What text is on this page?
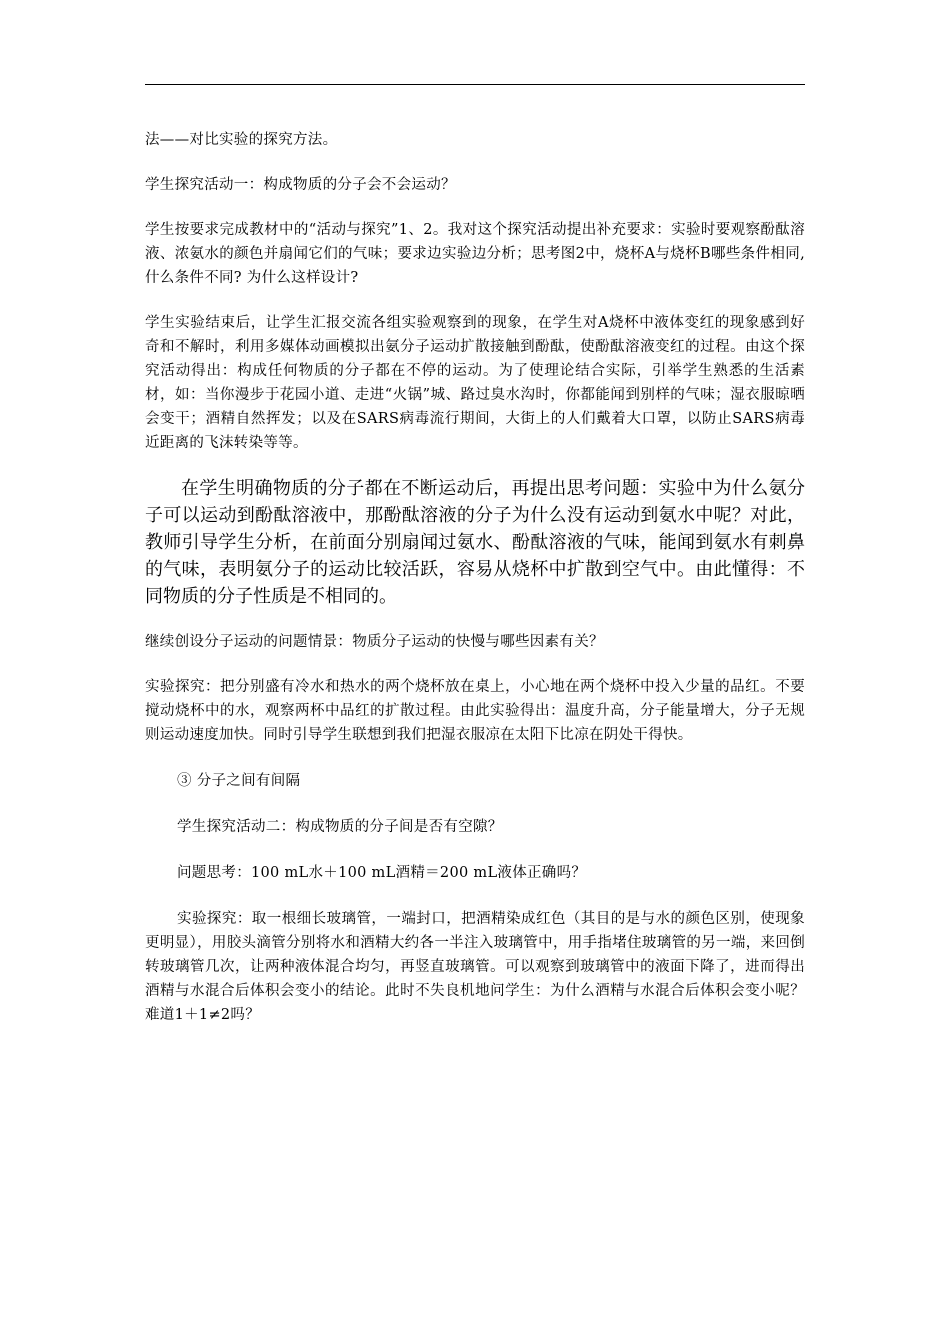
法——对比实验的探究方法。

学生探究活动一：构成物质的分子会不会运动？

学生按要求完成教材中的“活动与探究”1、2。我对这个探究活动提出补充要求：实验时要观察酚酞溶液、浓氨水的颜色并扇闻它们的气味；要求边实验边分析；思考图2中，烧杯A与烧杯B哪些条件相同,什么条件不同? 为什么这样设计?

学生实验结束后，让学生汇报交流各组实验观察到的现象，在学生对A烧杯中液体变红的现象感到好奇和不解时，利用多媒体动画模拟出氨分子运动扩散接触到酚酞，使酚酞溶液变红的过程。由这个探究活动得出：构成任何物质的分子都在不停的运动。为了使理论结合实际，引举学生熟悉的生活素材，如：当你漫步于花园小道、走进“火锅”城、路过臭水沟时，你都能闻到别样的气味；湿衣服晾晒会变干；酒精自然挥发；以及在SARS病毒流行期间，大街上的人们戴着大口罩，以防止SARS病毒近距离的飞沫转染等等。

在学生明确物质的分子都在不断运动后，再提出思考问题：实验中为什么氨分子可以运动到酚酞溶液中，那酚酞溶液的分子为什么没有运动到氨水中呢？对此，教师引导学生分析，在前面分别扇闻过氨水、酚酞溶液的气味，能闻到氨水有刺鼻的气味，表明氨分子的运动比较活跃，容易从烧杯中扩散到空气中。由此懂得：不同物质的分子性质是不相同的。

继续创设分子运动的问题情景：物质分子运动的快慢与哪些因素有关？

实验探究：把分别盛有冷水和热水的两个烧杯放在桌上，小心地在两个烧杯中投入少量的品红。不要搅动烧杯中的水，观察两杯中品红的扩散过程。由此实验得出：温度升高，分子能量增大，分子无规则运动速度加快。同时引导学生联想到我们把湿衣服凉在太阳下比凉在阴处干得快。

③ 分子之间有间隔

学生探究活动二：构成物质的分子间是否有空隙？

问题思考：100 mL水＋100 mL酒精＝200 mL液体正确吗？

实验探究：取一根细长玻璃管，一端封口，把酒精染成红色（其目的是与水的颜色区别，使现象更明显），用胶头滴管分别将水和酒精大约各一半注入玻璃管中，用手指堵住玻璃管的另一端，来回倒转玻璃管几次，让两种液体混合均匀，再竖直玻璃管。可以观察到玻璃管中的液面下降了，进而得出酒精与水混合后体积会变小的结论。此时不失良机地问学生：为什么酒精与水混合后体积会变小呢？难道1＋1≠2吗？
